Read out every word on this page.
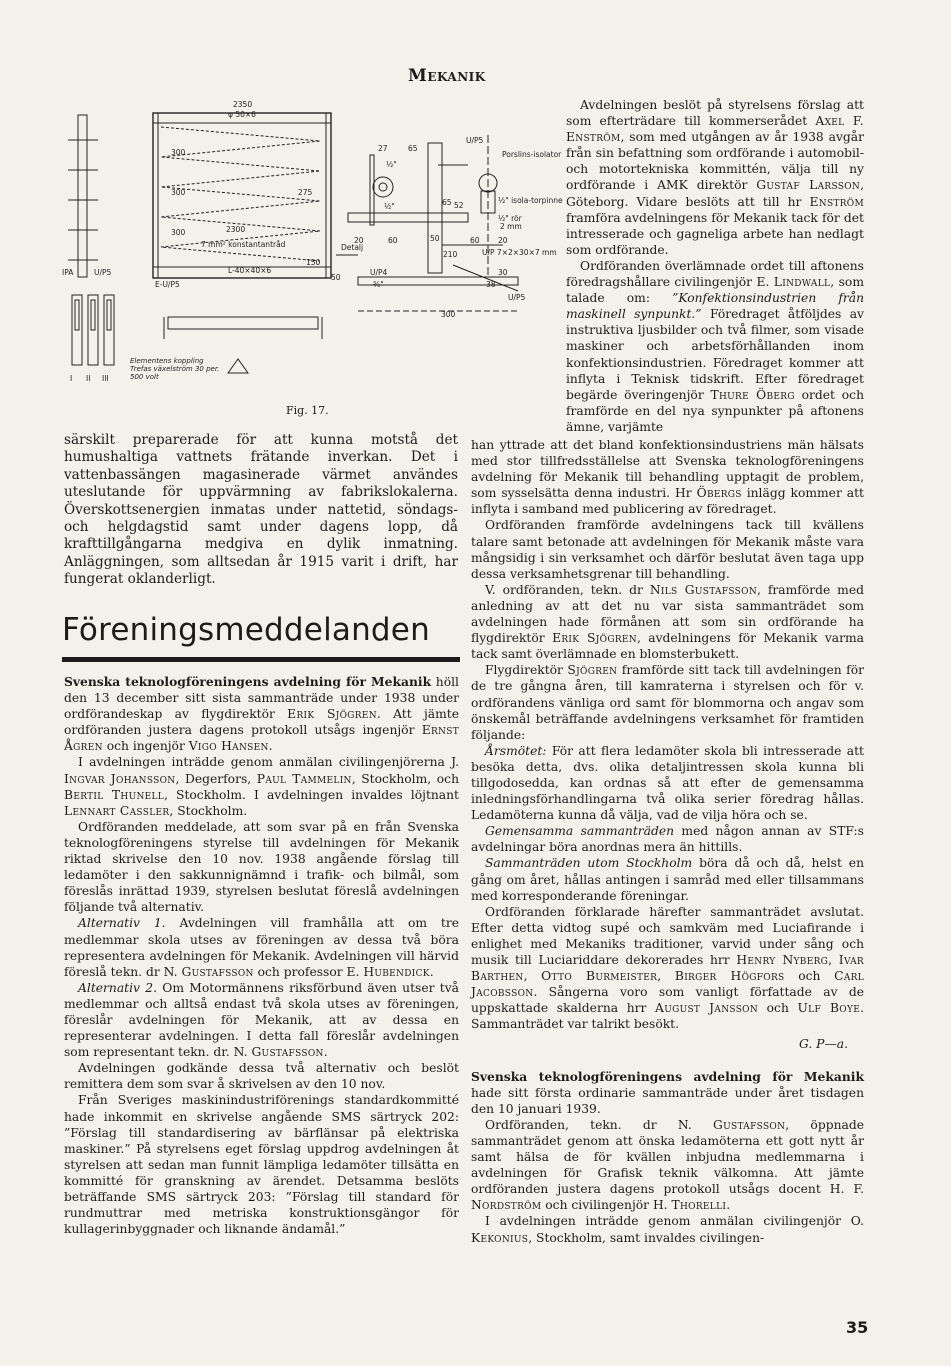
Mekanik
2350
φ 50×6
2300
7 mm² konstantantråd
L-40×40×6
E-U/P5
U/P5
IPA
300
300
300
275
150
50
Detalj
27	65
65 52
½"
½"
20	60	50	60 20
210
30
300
38
U/P4
⅜"
U/P5
U/P5
Porslins-isolator
½" isola-torpinne
½" rör
2 mm
U/P 7×2×30×7 mm
I II III
Elementens koppling Trefas växelström 30 per. 500 volt
Fig. 17.

särskilt preparerade för att kunna motstå det humushaltiga vattnets frätande inverkan. Det i vattenbassängen magasinerade värmet användes uteslutande för uppvärmning av fabrikslokalerna. Överskottsenergien inmatas under nattetid, söndags- och helgdagstid samt under dagens lopp, då krafttillgångarna medgiva en dylik inmatning. Anläggningen, som alltsedan år 1915 varit i drift, har fungerat oklanderligt.

Föreningsmeddelanden

Svenska teknologföreningens avdelning för Mekanik höll den 13 december sitt sista sammanträde under 1938 under ordförandeskap av flygdirektör Erik Sjögren. Att jämte ordföranden justera dagens protokoll utsågs ingenjör Ernst Ågren och ingenjör Vigo Hansen.

I avdelningen inträdde genom anmälan civilingenjörerna J. Ingvar Johansson, Degerfors, Paul Tammelin, Stockholm, och Bertil Thunell, Stockholm. I avdelningen invaldes löjtnant Lennart Cassler, Stockholm.

Ordföranden meddelade, att som svar på en från Svenska teknologföreningens styrelse till avdelningen för Mekanik riktad skrivelse den 10 nov. 1938 angående förslag till ledamöter i den sakkunnignämnd i trafik- och bilmål, som föreslås inrättad 1939, styrelsen beslutat föreslå avdelningen följande två alternativ.

Alternativ 1. Avdelningen vill framhålla att om tre medlemmar skola utses av föreningen av dessa två böra representera avdelningen för Mekanik. Avdelningen vill härvid föreslå tekn. dr N. Gustafsson och professor E. Hubendick.

Alternativ 2. Om Motormännens riksförbund även utser två medlemmar och alltså endast två skola utses av föreningen, föreslår avdelningen för Mekanik, att av dessa en representerar avdelningen. I detta fall föreslår avdelningen som representant tekn. dr. N. Gustafsson.

Avdelningen godkände dessa två alternativ och beslöt remittera dem som svar å skrivelsen av den 10 nov.

Från Sveriges maskinindustriförenings standardkommitté hade inkommit en skrivelse angående SMS särtryck 202: ”Förslag till standardisering av bärflänsar på elektriska maskiner.” På styrelsens eget förslag uppdrog avdelningen åt styrelsen att sedan man funnit lämpliga ledamöter tillsätta en kommitté för granskning av ärendet. Detsamma beslöts beträffande SMS särtryck 203: ”Förslag till standard för rundmuttrar med metriska konstruktionsgängor för kullagerinbyggnader och liknande ändamål.”

Avdelningen beslöt på styrelsens förslag att som efterträdare till kommerserådet Axel F. Enström, som med utgången av år 1938 avgår från sin befattning som ordförande i automobil- och motortekniska kommittén, välja till ny ordförande i AMK direktör Gustaf Larsson, Göteborg. Vidare beslöts att till hr Enström framföra avdelningens för Mekanik tack för det intresserade och gagneliga arbete han nedlagt som ordförande.

Ordföranden överlämnade ordet till aftonens föredragshållare civilingenjör E. Lindwall, som talade om: ”Konfektionsindustrien från maskinell synpunkt.” Föredraget åtföljdes av instruktiva ljusbilder och två filmer, som visade maskiner och arbetsförhållanden inom konfektionsindustrien. Föredraget kommer att inflyta i Teknisk tidskrift. Efter föredraget begärde överingenjör Thure Öberg ordet och framförde en del nya synpunkter på aftonens ämne, varjämte

han yttrade att det bland konfektionsindustriens män hälsats med stor tillfredsställelse att Svenska teknologföreningens avdelning för Mekanik till behandling upptagit de problem, som sysselsätta denna industri. Hr Öbergs inlägg kommer att inflyta i samband med publicering av föredraget.

Ordföranden framförde avdelningens tack till kvällens talare samt betonade att avdelningen för Mekanik måste vara mångsidig i sin verksamhet och därför beslutat även taga upp dessa verksamhetsgrenar till behandling.

V. ordföranden, tekn. dr Nils Gustafsson, framförde med anledning av att det nu var sista sammanträdet som avdelningen hade förmånen att som sin ordförande ha flygdirektör Erik Sjögren, avdelningens för Mekanik varma tack samt överlämnade en blomsterbukett.

Flygdirektör Sjögren framförde sitt tack till avdelningen för de tre gångna åren, till kamraterna i styrelsen och för v. ordförandens vänliga ord samt för blommorna och angav som önskemål beträffande avdelningens verksamhet för framtiden följande:

Årsmötet: För att flera ledamöter skola bli intresserade att besöka detta, dvs. olika detaljintressen skola kunna bli tillgodosedda, kan ordnas så att efter de gemensamma inledningsförhandlingarna två olika serier föredrag hållas. Ledamöterna kunna då välja, vad de vilja höra och se.

Gemensamma sammanträden med någon annan av STF:s avdelningar böra anordnas mera än hittills.

Sammanträden utom Stockholm böra då och då, helst en gång om året, hållas antingen i samråd med eller tillsammans med korresponderande föreningar.

Ordföranden förklarade härefter sammanträdet avslutat. Efter detta vidtog supé och samkväm med Luciafirande i enlighet med Mekaniks traditioner, varvid under sång och musik till Luciariddare dekorerades hrr Henry Nyberg, Ivar Barthen, Otto Burmeister, Birger Högfors och Carl Jacobsson. Sångerna voro som vanligt författade av de uppskattade skalderna hrr August Jansson och Ulf Boye. Sammanträdet var talrikt besökt.

G. P—a.

Svenska teknologföreningens avdelning för Mekanik hade sitt första ordinarie sammanträde under året tisdagen den 10 januari 1939.

Ordföranden, tekn. dr N. Gustafsson, öppnade sammanträdet genom att önska ledamöterna ett gott nytt år samt hälsa de för kvällen inbjudna medlemmarna i avdelningen för Grafisk teknik välkomna. Att jämte ordföranden justera dagens protokoll utsågs docent H. F. Nordström och civilingenjör H. Thorelli.

I avdelningen inträdde genom anmälan civilingenjör O. Kekonius, Stockholm, samt invaldes civilingen-

35
